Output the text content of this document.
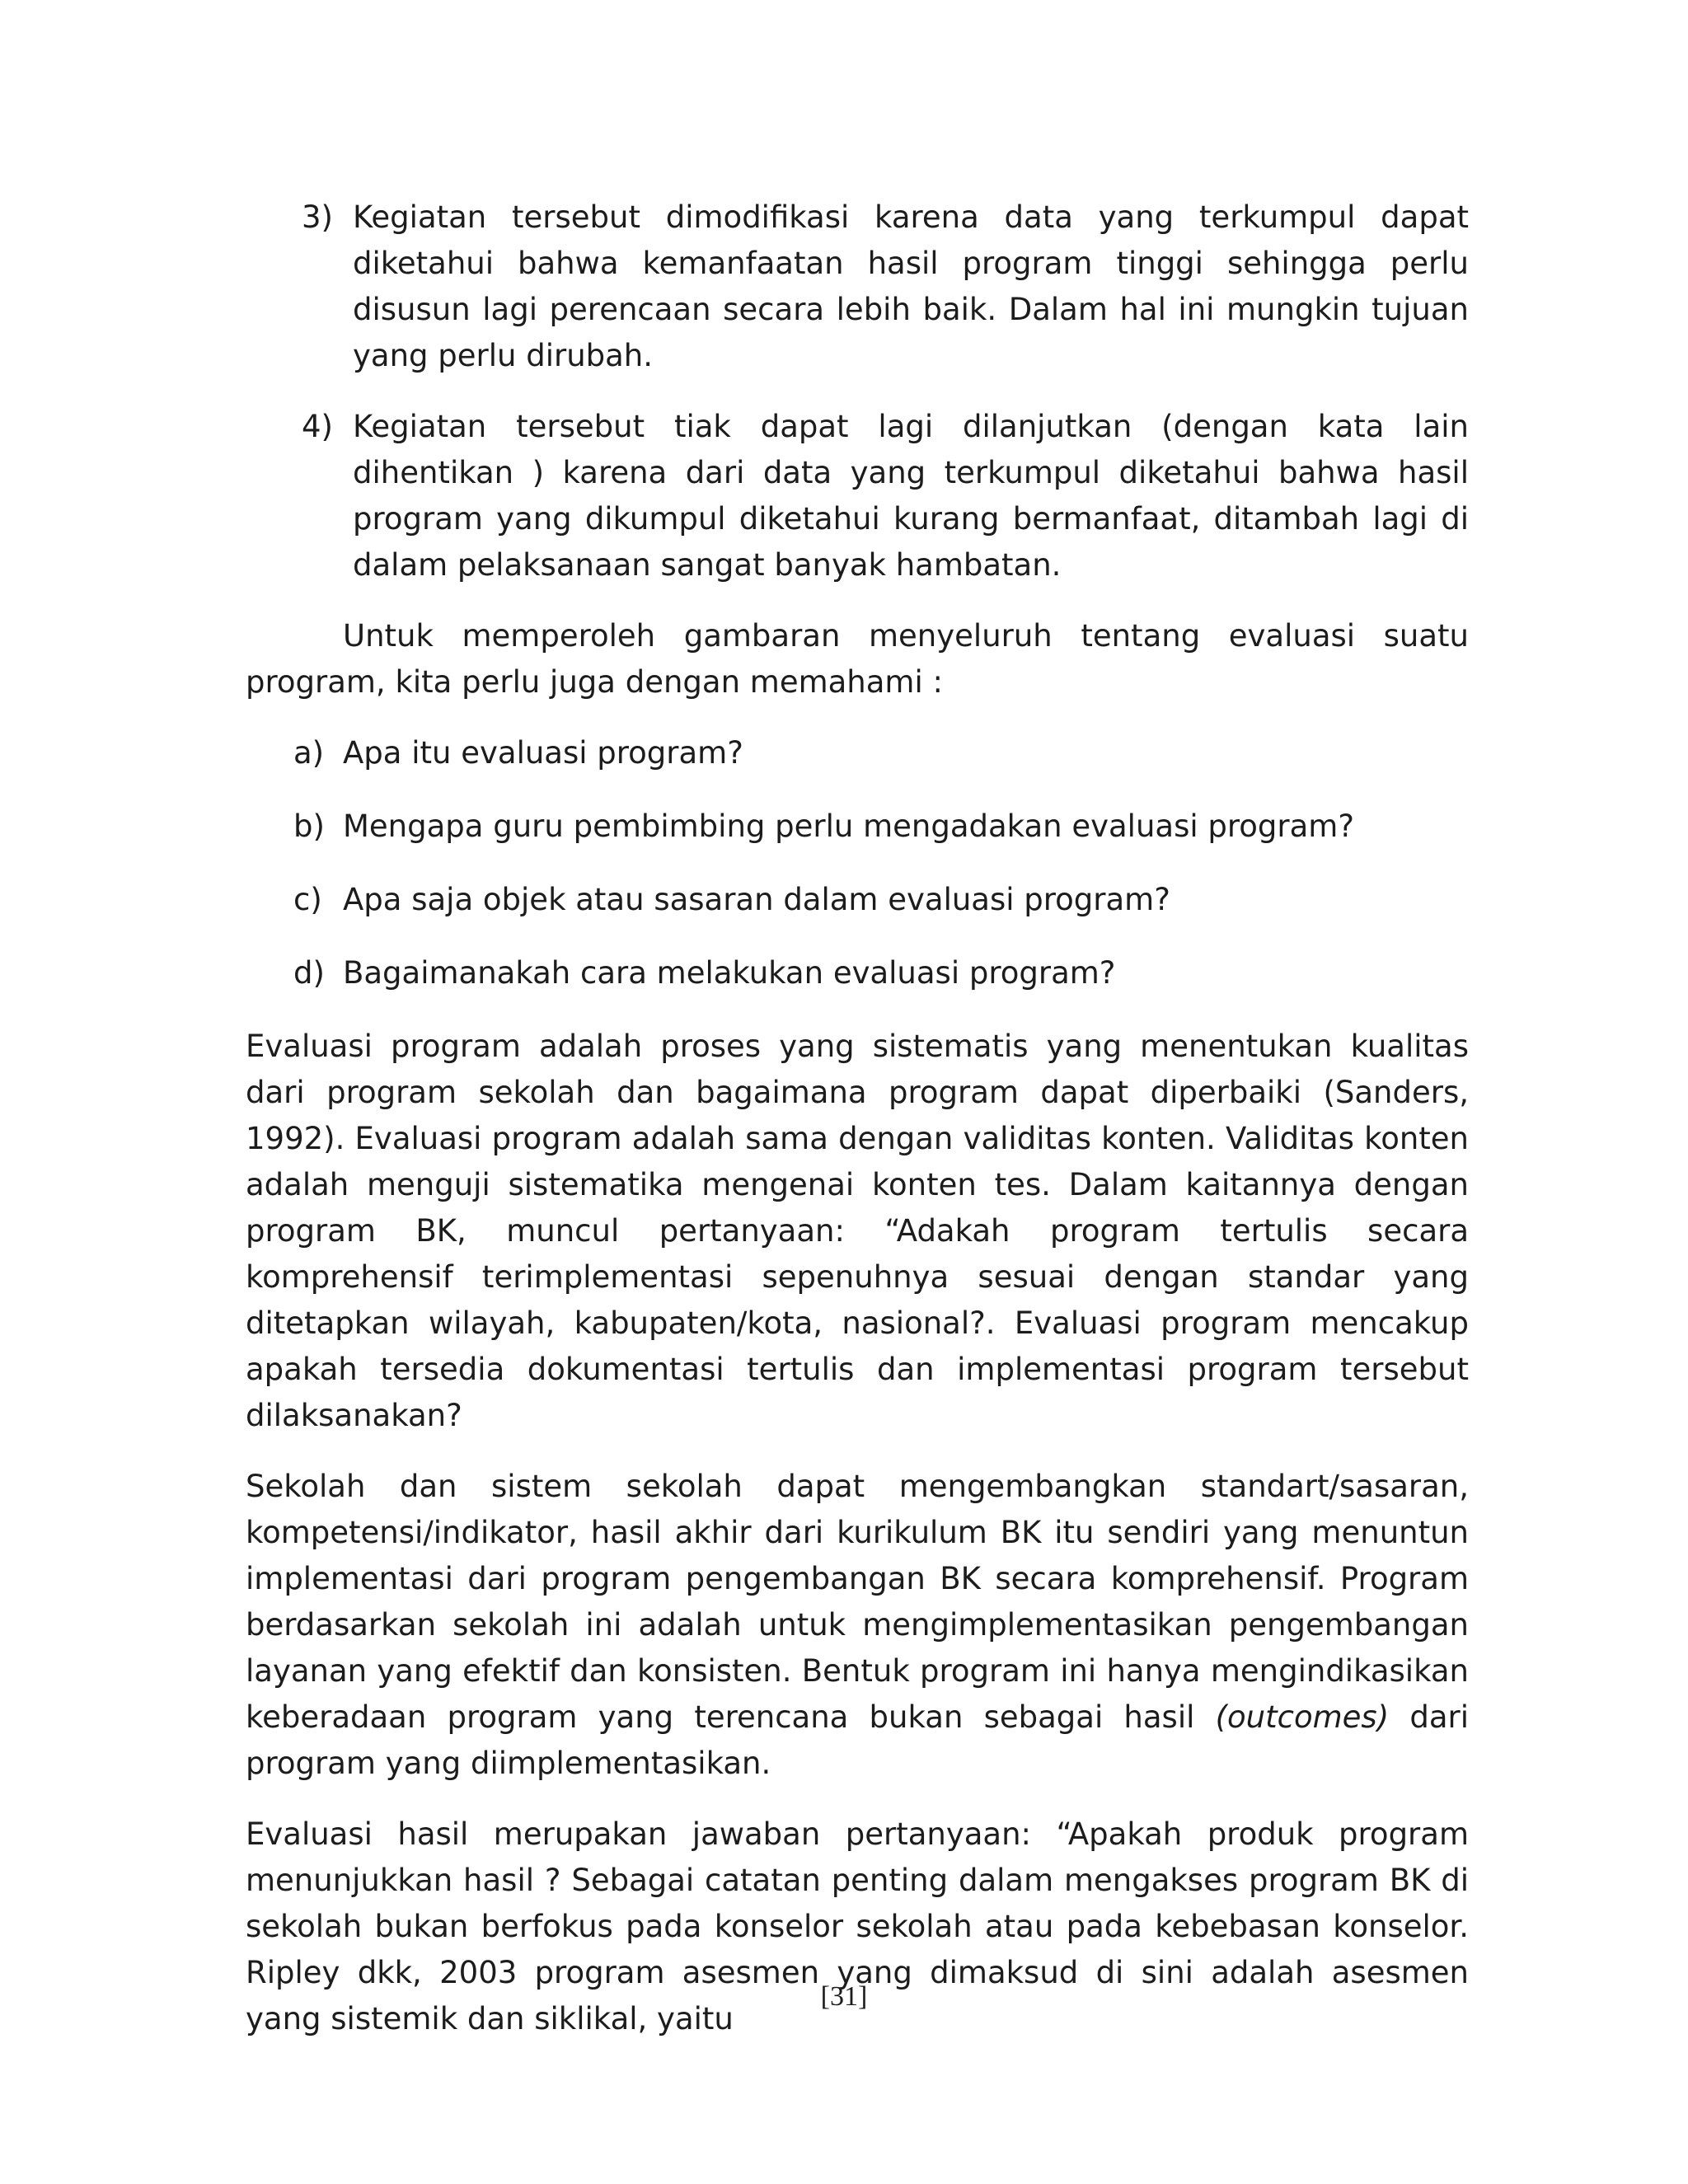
3) Kegiatan tersebut dimodifikasi karena data yang terkumpul dapat diketahui bahwa kemanfaatan hasil program tinggi sehingga perlu disusun lagi perencaan secara lebih baik. Dalam hal ini mungkin tujuan yang perlu dirubah.
4) Kegiatan tersebut tiak dapat lagi dilanjutkan (dengan kata lain dihentikan ) karena dari data yang terkumpul diketahui bahwa hasil program yang dikumpul diketahui kurang bermanfaat, ditambah lagi di dalam pelaksanaan sangat banyak hambatan.

Untuk memperoleh gambaran menyeluruh tentang evaluasi suatu program, kita perlu juga dengan memahami :

a) Apa itu evaluasi program?
b) Mengapa guru pembimbing perlu mengadakan evaluasi program?
c) Apa saja objek atau sasaran dalam evaluasi program?
d) Bagaimanakah cara melakukan evaluasi program?

Evaluasi program adalah proses yang sistematis yang menentukan kualitas dari program sekolah dan bagaimana program dapat diperbaiki (Sanders, 1992). Evaluasi program adalah sama dengan validitas konten. Validitas konten adalah menguji sistematika mengenai konten tes. Dalam kaitannya dengan program BK, muncul pertanyaan: “Adakah program tertulis secara komprehensif terimplementasi sepenuhnya sesuai dengan standar yang ditetapkan wilayah, kabupaten/kota, nasional?. Evaluasi program mencakup apakah tersedia dokumentasi tertulis dan implementasi program tersebut dilaksanakan?

Sekolah dan sistem sekolah dapat mengembangkan standart/sasaran, kompetensi/indikator, hasil akhir dari kurikulum BK itu sendiri yang menuntun implementasi dari program pengembangan BK secara komprehensif. Program berdasarkan sekolah ini adalah untuk mengimplementasikan pengembangan layanan yang efektif dan konsisten. Bentuk program ini hanya mengindikasikan keberadaan program yang terencana bukan sebagai hasil (outcomes) dari program yang diimplementasikan.

Evaluasi hasil merupakan jawaban pertanyaan: “Apakah produk program menunjukkan hasil ? Sebagai catatan penting dalam mengakses program BK di sekolah bukan berfokus pada konselor sekolah atau pada kebebasan konselor. Ripley dkk, 2003 program asesmen yang dimaksud di sini adalah asesmen yang sistemik dan siklikal, yaitu

[31]
